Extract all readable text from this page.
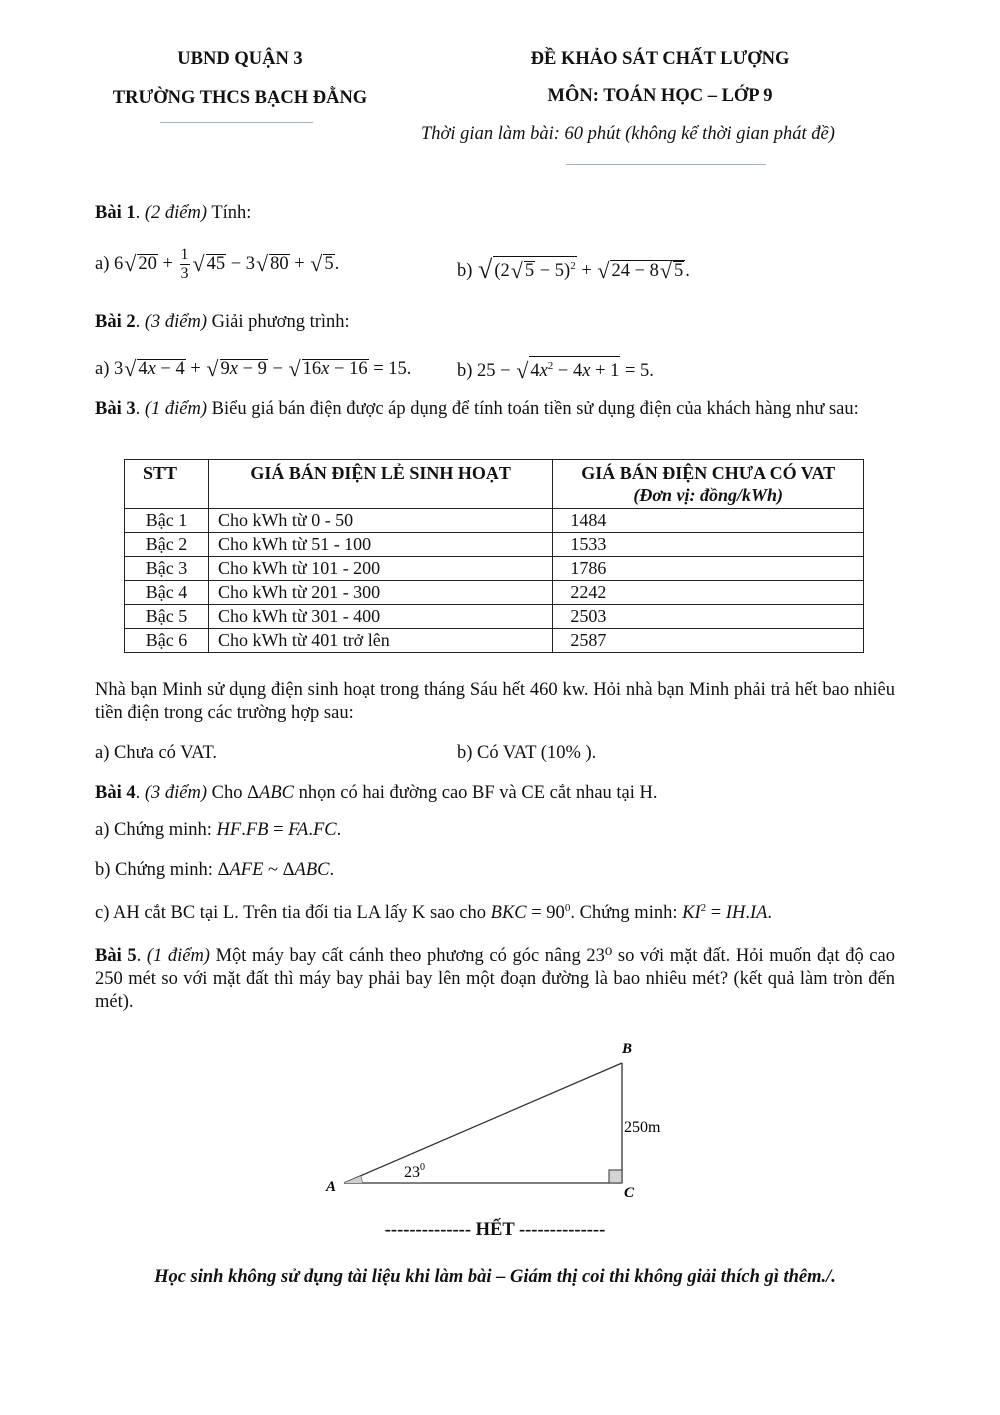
UBND QUẬN 3
TRƯỜNG THCS BẠCH ĐẰNG
ĐỀ KHẢO SÁT CHẤT LƯỢNG
MÔN: TOÁN HỌC – LỚP 9
Thời gian làm bài: 60 phút (không kể thời gian phát đề)
Bài 1. (2 điểm) Tính:
a) 6√ $20 + \frac{1}{3}$ √ 45 − 3√ 80 + √ 5.	b) √ (2√ 5 − 5)$^2$ + √ 24 − 8√ 5 .
Bài 2. (3 điểm) Giải phương trình:
a) 3√ 4x − 4 + √ 9x − 9 − √ 16x − 16 = 15. b) 25 − √ $4x^2 - 4x + 1 = 5$.
Bài 3. (1 điểm) Biểu giá bán điện được áp dụng để tính toán tiền sử dụng điện của khách hàng như sau:
STT	GIÁ BÁN ĐIỆN LẺ SINH HOẠT	GIÁ BÁN ĐIỆN CHƯA CÓ VAT
(Đơn vị: đồng/kWh)

Bậc 1	Cho kWh từ 0 - 50	1484
Bậc 2	Cho kWh từ 51 - 100	1533
Bậc 3	Cho kWh từ 101 - 200	1786
Bậc 4	Cho kWh từ 201 - 300	2242
Bậc 5	Cho kWh từ 301 - 400	2503
Bậc 6	Cho kWh từ 401 trở lên	2587
Nhà bạn Minh sử dụng điện sinh hoạt trong tháng Sáu hết 460 kw. Hỏi nhà bạn Minh phải trả hết bao nhiêu tiền điện trong các trường hợp sau:
a) Chưa có VAT.	b) Có VAT (10% ).
Bài 4. (3 điểm) Cho ΔABC nhọn có hai đường cao BF và CE cắt nhau tại H.
a) Chứng minh: HF.FB = FA.FC.
b) Chứng minh: ΔAFE ~ ΔABC.
c) AH cắt BC tại L. Trên tia đối tia LA lấy K sao cho BKC = $90^0$. Chứng minh: $KI^2 = IH.IA$.
Bài 5. (1 điểm) Một máy bay cất cánh theo phương có góc nâng 23⁰ so với mặt đất. Hỏi muốn đạt độ cao 250 mét so với mặt đất thì máy bay phải bay lên một đoạn đường là bao nhiêu mét? (kết quả làm tròn đến mét).
A
B
C
250m
$23^0$
-------------- HẾT --------------
Học sinh không sử dụng tài liệu khi làm bài – Giám thị coi thi không giải thích gì thêm./.
